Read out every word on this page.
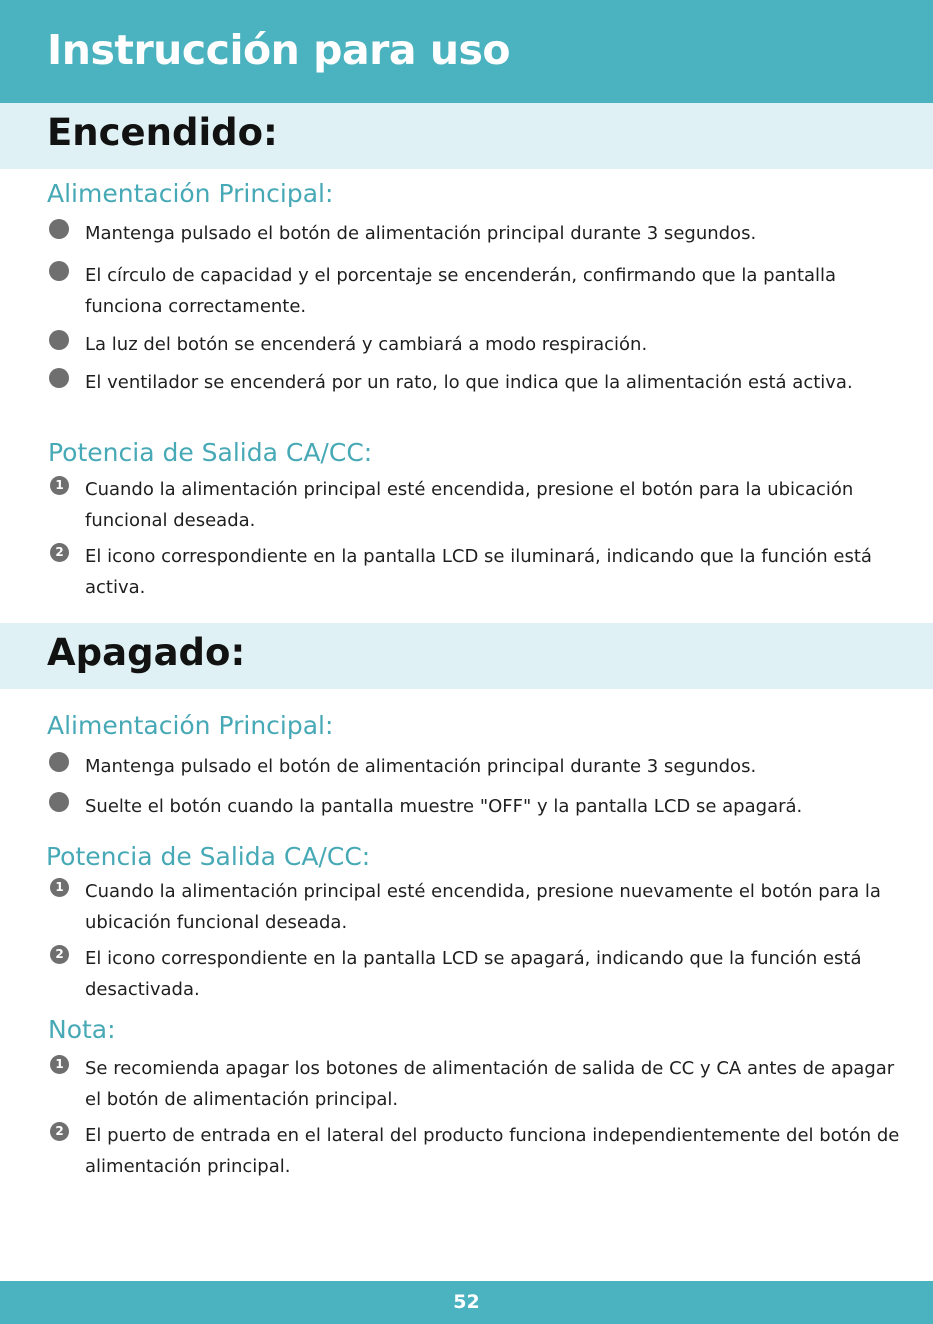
Instrucción para uso
Encendido:
Alimentación Principal:
Mantenga pulsado el botón de alimentación principal durante 3 segundos.
El círculo de capacidad y el porcentaje se encenderán, confirmando que la pantalla funciona correctamente.
La luz del botón se encenderá y cambiará a modo respiración.
El ventilador se encenderá por un rato, lo que indica que la alimentación está activa.
Potencia de Salida CA/CC:
1 Cuando la alimentación principal esté encendida, presione el botón para la ubicación funcional deseada.
2 El icono correspondiente en la pantalla LCD se iluminará, indicando que la función está activa.
Apagado:
Alimentación Principal:
Mantenga pulsado el botón de alimentación principal durante 3 segundos.
Suelte el botón cuando la pantalla muestre "OFF" y la pantalla LCD se apagará.
Potencia de Salida CA/CC:
1 Cuando la alimentación principal esté encendida, presione nuevamente el botón para la ubicación funcional deseada.
2 El icono correspondiente en la pantalla LCD se apagará, indicando que la función está desactivada.
Nota:
1 Se recomienda apagar los botones de alimentación de salida de CC y CA antes de apagar el botón de alimentación principal.
2 El puerto de entrada en el lateral del producto funciona independientemente del botón de alimentación principal.
52
